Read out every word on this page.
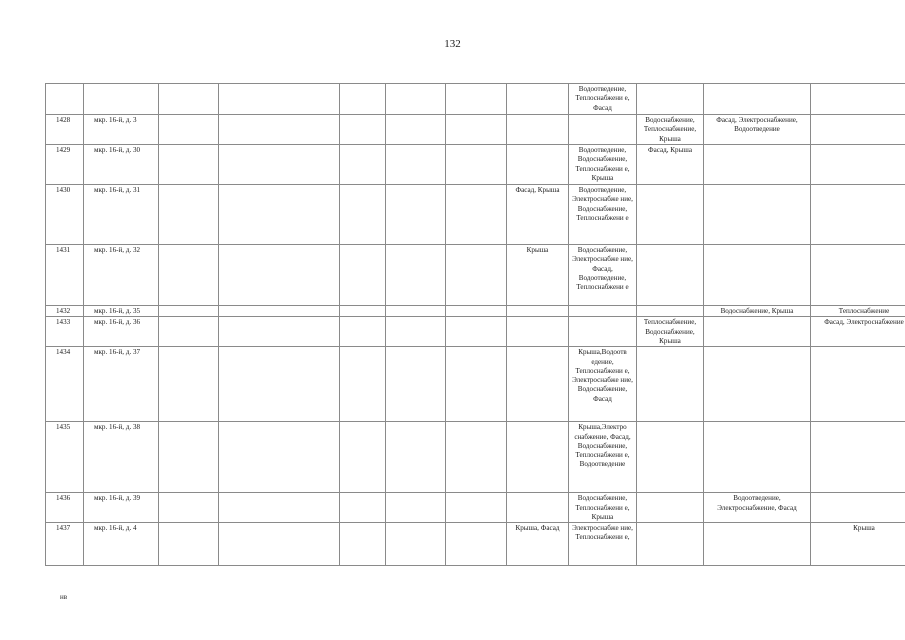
132
								Водоотведение, Теплоснабжени е, Фасад			
1428	мкр. 16-й, д. 3								Водоснабжение, Теплоснабжение, Крыша	Фасад, Электроснабжение, Водоотведение	
1429	мкр. 16-й, д. 30							Водоотведение, Водоснабжение, Теплоснабжени е, Крыша	Фасад, Крыша		
1430	мкр. 16-й, д. 31						Фасад, Крыша	Водоотведение, Электроснабже ние, Водоснабжение, Теплоснабжени е			
1431	мкр. 16-й, д. 32						Крыша	Водоснабжение, Электроснабже ние, Фасад, Водоотведение, Теплоснабжени е			
1432	мкр. 16-й, д. 35									Водоснабжение, Крыша	Теплоснабжение
1433	мкр. 16-й, д. 36								Теплоснабжение, Водоснабжение, Крыша		Фасад, Электроснабжение
1434	мкр. 16-й, д. 37							Крыша,Водоотв едение, Теплоснабжени е, Электроснабже ние, Водоснабжение, Фасад			
1435	мкр. 16-й, д. 38							Крыша,Электро снабжение, Фасад, Водоснабжение, Теплоснабжени е, Водоотведение			
1436	мкр. 16-й, д. 39							Водоснабжение, Теплоснабжени е, Крыша		Водоотведение, Электроснабжение, Фасад	
1437	мкр. 16-й, д. 4						Крыша, Фасад	Электроснабже ние, Теплоснабжени е,			Крыша
нв
